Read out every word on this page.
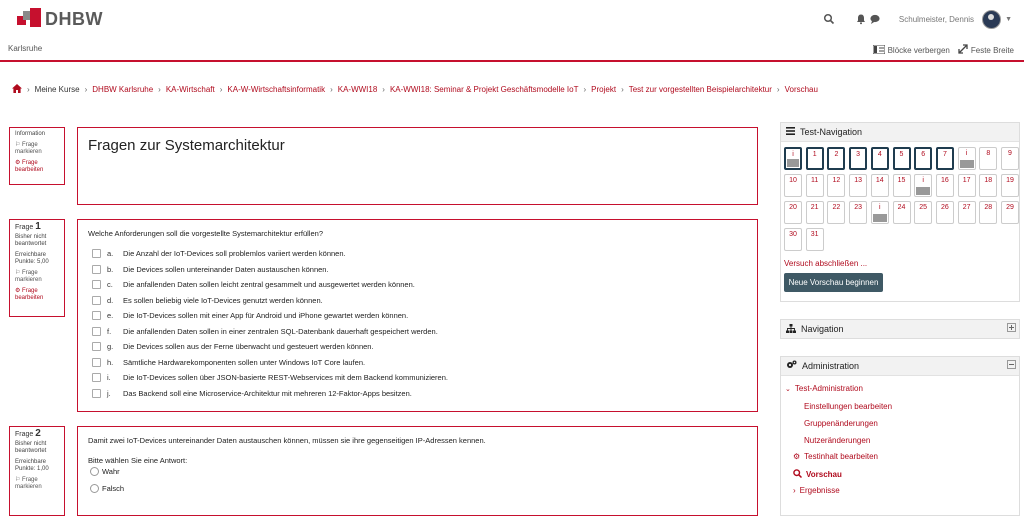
DHBW	Schulmeister, Dennis	▼
Karlsruhe	Blöcke verbergen	Feste Breite
› Meine Kurse › DHBW Karlsruhe › KA-Wirtschaft › KA-W-Wirtschaftsinformatik › KA-WWI18 › KA-WWI18: Seminar & Projekt Geschäftsmodelle IoT › Projekt › Test zur vorgestellten Beispielarchitektur › Vorschau
Information
⚐ Frage markieren
⚙ Frage bearbeiten
Fragen zur Systemarchitektur
Frage 1
Bisher nicht beantwortet
Erreichbare Punkte: 5,00
⚐ Frage markieren
⚙ Frage bearbeiten
Welche Anforderungen soll die vorgestellte Systemarchitektur erfüllen?
a.	Die Anzahl der IoT-Devices soll problemlos variiert werden können.
b.	Die Devices sollen untereinander Daten austauschen können.
c.	Die anfallenden Daten sollen leicht zentral gesammelt und ausgewertet werden können.
d.	Es sollen beliebig viele IoT-Devices genutzt werden können.
e.	Die IoT-Devices sollen mit einer App für Android und iPhone gewartet werden können.
f.	Die anfallenden Daten sollen in einer zentralen SQL-Datenbank dauerhaft gespeichert werden.
g.	Die Devices sollen aus der Ferne überwacht und gesteuert werden können.
h.	Sämtliche Hardwarekomponenten sollen unter Windows IoT Core laufen.
i.	Die IoT-Devices sollen über JSON-basierte REST-Webservices mit dem Backend kommunizieren.
j.	Das Backend soll eine Microservice-Architektur mit mehreren 12-Faktor-Apps besitzen.
Frage 2
Bisher nicht beantwortet
Erreichbare Punkte: 1,00
⚐ Frage markieren
Damit zwei IoT-Devices untereinander Daten austauschen können, müssen sie ihre gegenseitigen IP-Adressen kennen.
Bitte wählen Sie eine Antwort:
Wahr
Falsch
Test-Navigation
i	1	2	3	4	5	6	7	i	8	9
10	11	12	13	14	15	i	16	17	18	19
20	21	22	23	i	24	25	26	27	28	29
30	31
Versuch abschließen ...
Neue Vorschau beginnen
Navigation
Administration
⌄ Test-Administration
Einstellungen bearbeiten
Gruppenänderungen
Nutzeränderungen
⚙ Testinhalt bearbeiten
Vorschau
› Ergebnisse
